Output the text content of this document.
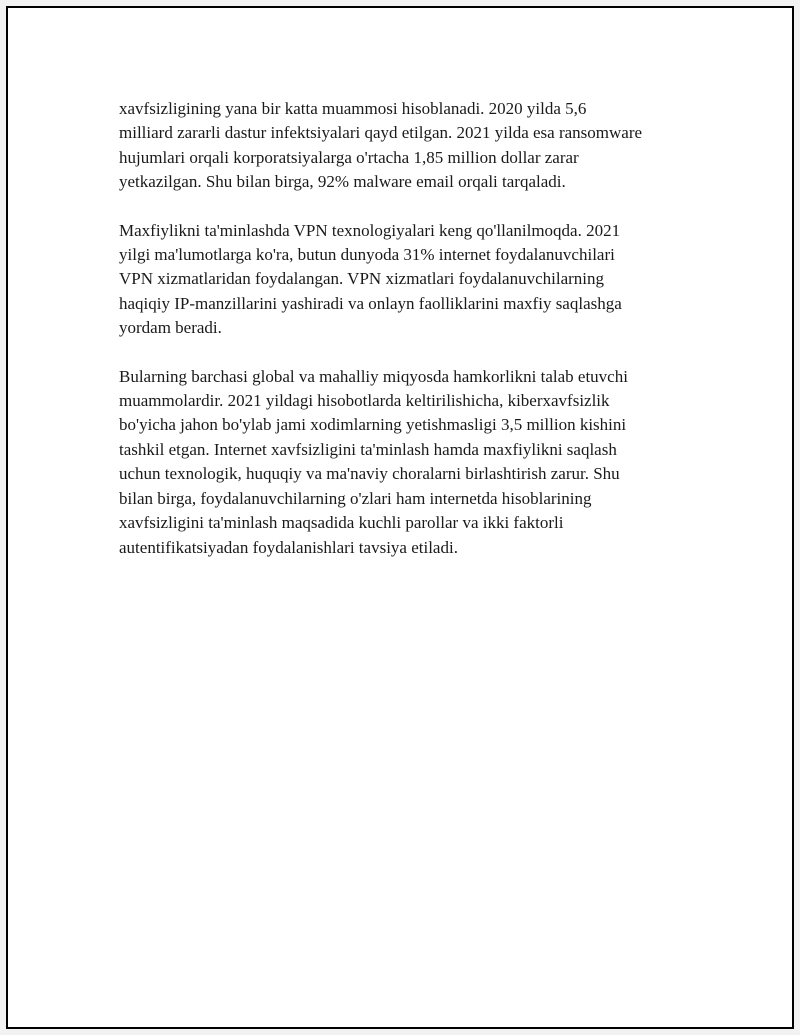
xavfsizligining yana bir katta muammosi hisoblanadi. 2020 yilda 5,6
milliard zararli dastur infektsiyalari qayd etilgan. 2021 yilda esa ransomware
hujumlari orqali korporatsiyalarga o'rtacha 1,85 million dollar zarar
yetkazilgan. Shu bilan birga, 92% malware email orqali tarqaladi.

Maxfiylikni ta'minlashda VPN texnologiyalari keng qo'llanilmoqda. 2021
yilgi ma'lumotlarga ko'ra, butun dunyoda 31% internet foydalanuvchilari
VPN xizmatlaridan foydalangan. VPN xizmatlari foydalanuvchilarning
haqiqiy IP-manzillarini yashiradi va onlayn faolliklarini maxfiy saqlashga
yordam beradi.

Bularning barchasi global va mahalliy miqyosda hamkorlikni talab etuvchi
muammolardir. 2021 yildagi hisobotlarda keltirilishicha, kiberxavfsizlik
bo'yicha jahon bo'ylab jami xodimlarning yetishmasligi 3,5 million kishini
tashkil etgan. Internet xavfsizligini ta'minlash hamda maxfiylikni saqlash
uchun texnologik, huquqiy va ma'naviy choralarni birlashtirish zarur. Shu
bilan birga, foydalanuvchilarning o'zlari ham internetda hisoblarining
xavfsizligini ta'minlash maqsadida kuchli parollar va ikki faktorli
autentifikatsiyadan foydalanishlari tavsiya etiladi.
